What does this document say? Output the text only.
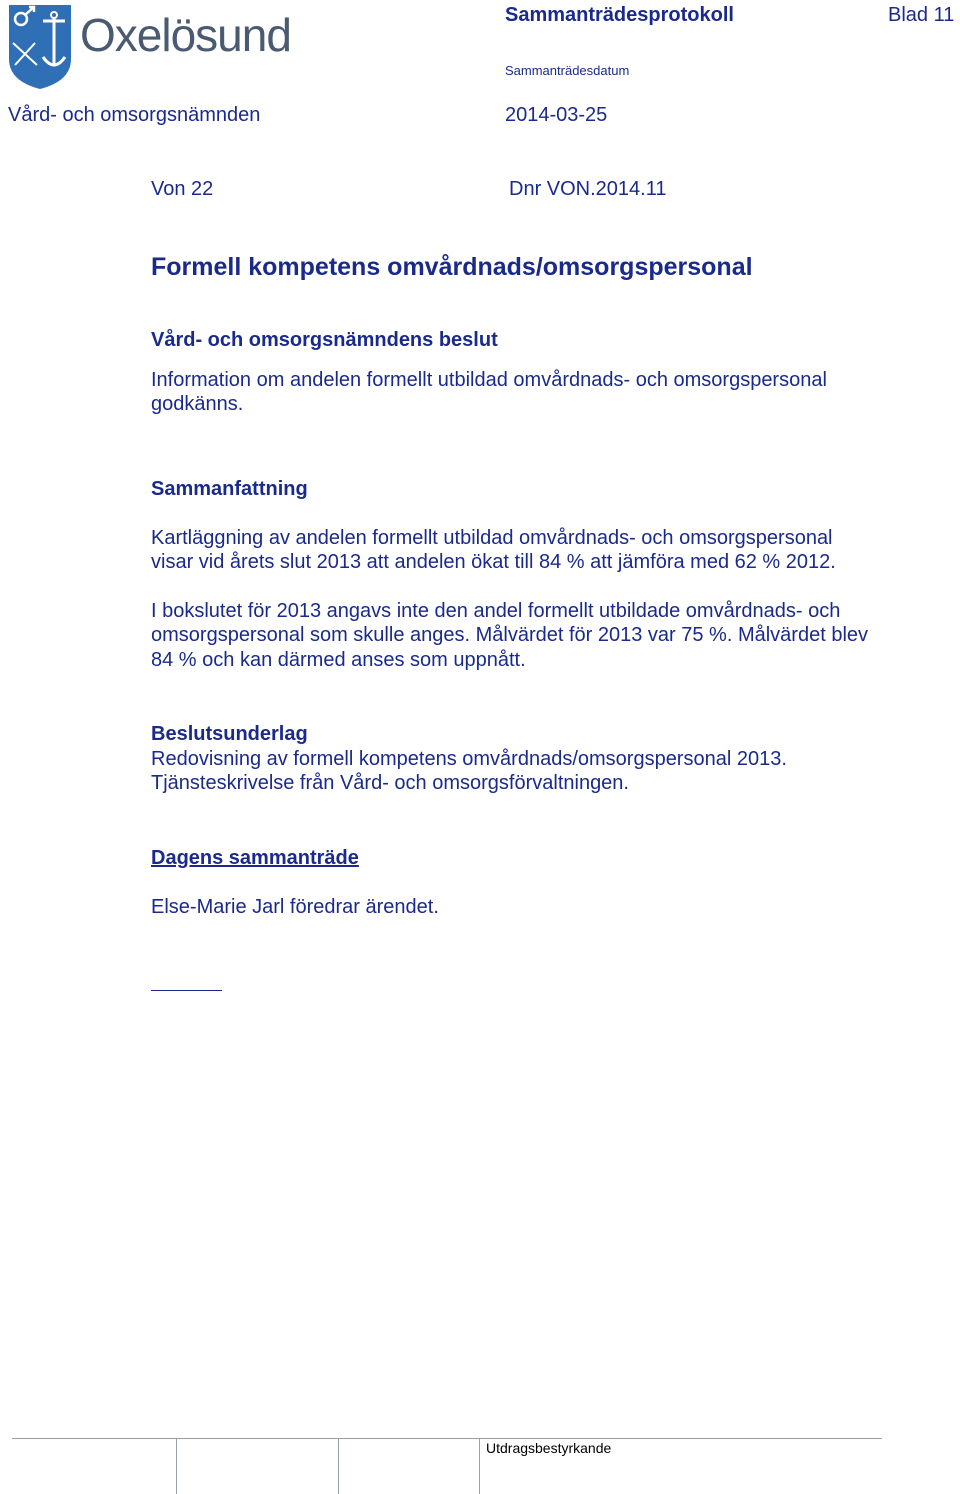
Oxelösund	Sammanträdesprotokoll	Blad 11
Sammanträdesdatum
Vård- och omsorgsnämnden	2014-03-25
Von 22	Dnr VON.2014.11
Formell kompetens omvårdnads/omsorgspersonal

Vård- och omsorgsnämndens beslut

Information om andelen formellt utbildad omvårdnads- och omsorgspersonal

godkänns.

Sammanfattning

Kartläggning av andelen formellt utbildad omvårdnads- och omsorgspersonal

visar vid årets slut 2013 att andelen ökat till 84 % att jämföra med 62 % 2012.

I bokslutet för 2013 angavs inte den andel formellt utbildade omvårdnads- och

omsorgspersonal som skulle anges. Målvärdet för 2013 var 75 %. Målvärdet blev

84 % och kan därmed anses som uppnått.

Beslutsunderlag

Redovisning av formell kompetens omvårdnads/omsorgspersonal 2013.

Tjänsteskrivelse från Vård- och omsorgsförvaltningen.

Dagens sammanträde

Else-Marie Jarl föredrar ärendet.

Utdragsbestyrkande
